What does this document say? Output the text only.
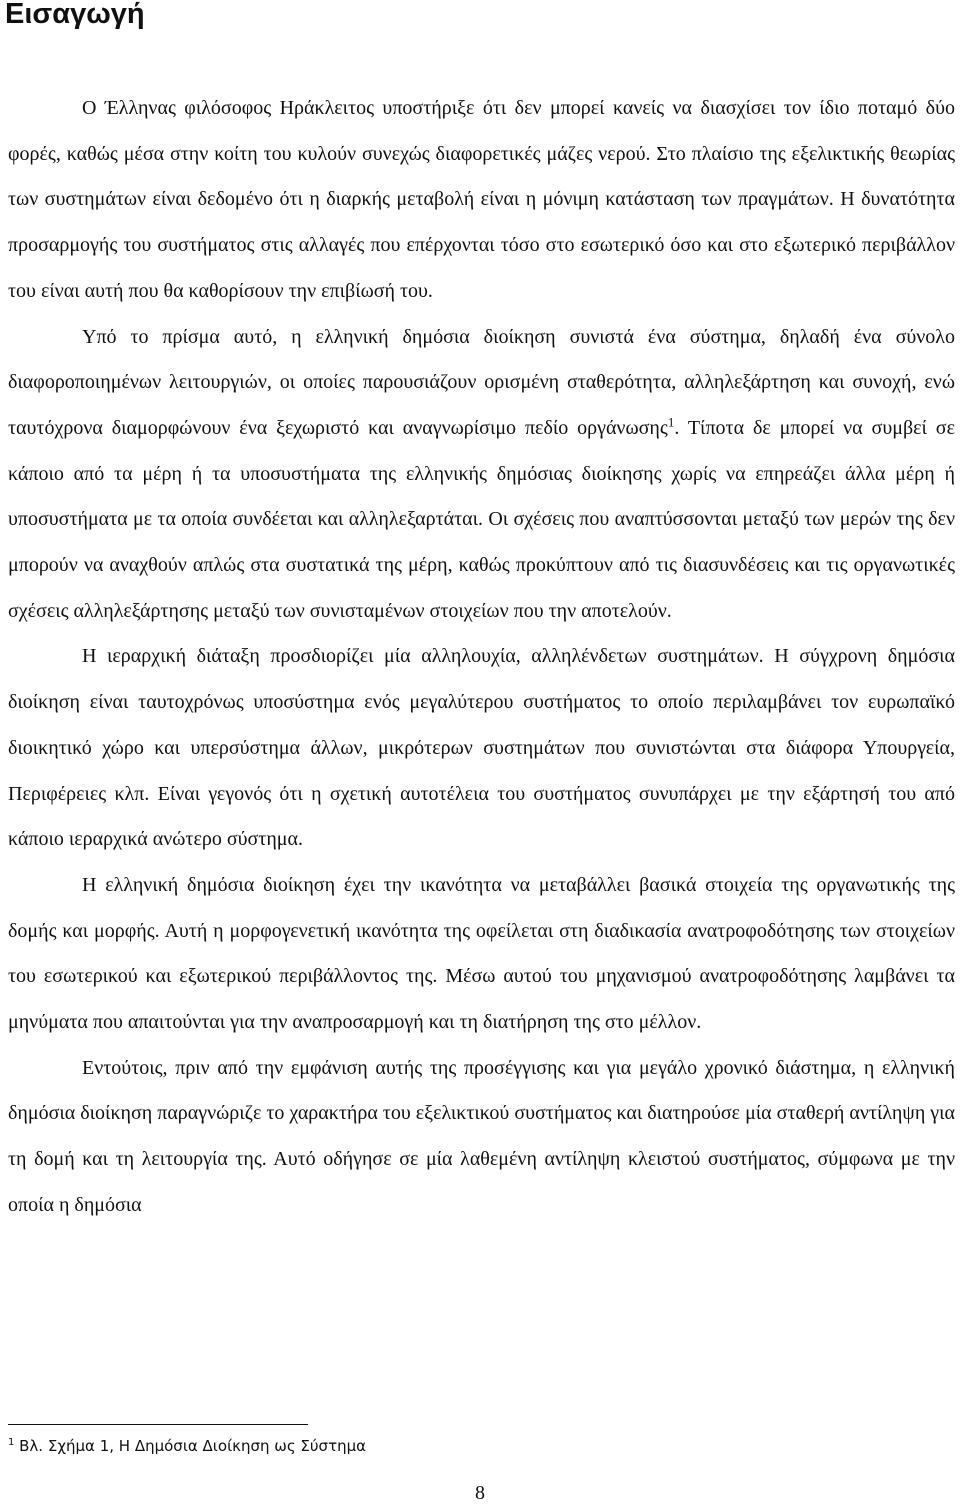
Εισαγωγή

Ο Έλληνας φιλόσοφος Ηράκλειτος υποστήριξε ότι δεν μπορεί κανείς να διασχίσει τον ίδιο ποταμό δύο φορές, καθώς μέσα στην κοίτη του κυλούν συνεχώς διαφορετικές μάζες νερού. Στο πλαίσιο της εξελικτικής θεωρίας των συστημάτων είναι δεδομένο ότι η διαρκής μεταβολή είναι η μόνιμη κατάσταση των πραγμάτων. Η δυνατότητα προσαρμογής του συστήματος στις αλλαγές που επέρχονται τόσο στο εσωτερικό όσο και στο εξωτερικό περιβάλλον του είναι αυτή που θα καθορίσουν την επιβίωσή του.

Υπό το πρίσμα αυτό, η ελληνική δημόσια διοίκηση συνιστά ένα σύστημα, δηλαδή ένα σύνολο διαφοροποιημένων λειτουργιών, οι οποίες παρουσιάζουν ορισμένη σταθερότητα, αλληλεξάρτηση και συνοχή, ενώ ταυτόχρονα διαμορφώνουν ένα ξεχωριστό και αναγνωρίσιμο πεδίο οργάνωσης$^1$. Τίποτα δε μπορεί να συμβεί σε κάποιο από τα μέρη ή τα υποσυστήματα της ελληνικής δημόσιας διοίκησης χωρίς να επηρεάζει άλλα μέρη ή υποσυστήματα με τα οποία συνδέεται και αλληλεξαρτάται. Οι σχέσεις που αναπτύσσονται μεταξύ των μερών της δεν μπορούν να αναχθούν απλώς στα συστατικά της μέρη, καθώς προκύπτουν από τις διασυνδέσεις και τις οργανωτικές σχέσεις αλληλεξάρτησης μεταξύ των συνισταμένων στοιχείων που την αποτελούν.

Η ιεραρχική διάταξη προσδιορίζει μία αλληλουχία, αλληλένδετων συστημάτων. Η σύγχρονη δημόσια διοίκηση είναι ταυτοχρόνως υποσύστημα ενός μεγαλύτερου συστήματος το οποίο περιλαμβάνει τον ευρωπαϊκό διοικητικό χώρο και υπερσύστημα άλλων, μικρότερων συστημάτων που συνιστώνται στα διάφορα Υπουργεία, Περιφέρειες κλπ. Είναι γεγονός ότι η σχετική αυτοτέλεια του συστήματος συνυπάρχει με την εξάρτησή του από κάποιο ιεραρχικά ανώτερο σύστημα.

Η ελληνική δημόσια διοίκηση έχει την ικανότητα να μεταβάλλει βασικά στοιχεία της οργανωτικής της δομής και μορφής. Αυτή η μορφογενετική ικανότητα της οφείλεται στη διαδικασία ανατροφοδότησης των στοιχείων του εσωτερικού και εξωτερικού περιβάλλοντος της. Μέσω αυτού του μηχανισμού ανατροφοδότησης λαμβάνει τα μηνύματα που απαιτούνται για την αναπροσαρμογή και τη διατήρηση της στο μέλλον.

Εντούτοις, πριν από την εμφάνιση αυτής της προσέγγισης και για μεγάλο χρονικό διάστημα, η ελληνική δημόσια διοίκηση παραγνώριζε το χαρακτήρα του εξελικτικού συστήματος και διατηρούσε μία σταθερή αντίληψη για τη δομή και τη λειτουργία της. Αυτό οδήγησε σε μία λαθεμένη αντίληψη κλειστού συστήματος, σύμφωνα με την οποία η δημόσια

$^1$ Βλ. Σχήμα 1, Η Δημόσια Διοίκηση ως Σύστημα
8
